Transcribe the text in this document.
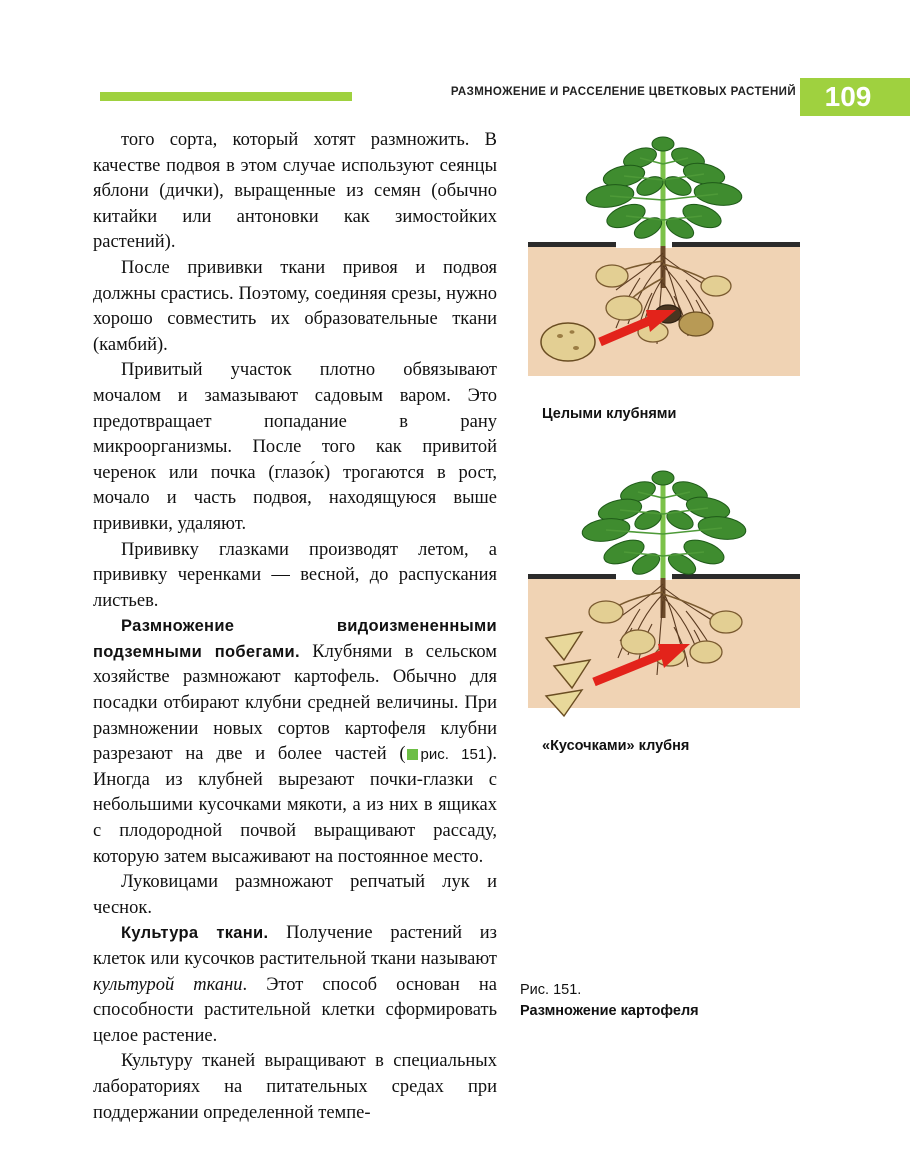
РАЗМНОЖЕНИЕ И РАССЕЛЕНИЕ ЦВЕТКОВЫХ РАСТЕНИЙ	109

того сорта, который хотят размножить. В качестве подвоя в этом случае используют сеянцы яблони (дички), выращенные из семян (обычно китайки или антоновки как зимостойких растений).

После прививки ткани привоя и подвоя должны срастись. Поэтому, соединяя срезы, нужно хорошо совместить их образовательные ткани (камбий).

Привитый участок плотно обвязывают мочалом и замазывают садовым варом. Это предотвращает попадание в рану микроорганизмы. После того как привитой черенок или почка (глазо́к) трогаются в рост, мочало и часть подвоя, находящуюся выше прививки, удаляют.

Прививку глазками производят летом, а прививку черенками — весной, до распускания листьев.

Размножение видоизмененными подземными побегами. Клубнями в сельском хозяйстве размножают картофель. Обычно для посадки отбирают клубни средней величины. При размножении новых сортов картофеля клубни разрезают на две и более частей ( рис. 151). Иногда из клубней вырезают почки-глазки с небольшими кусочками мякоти, а из них в ящиках с плодородной почвой выращивают рассаду, которую затем высаживают на постоянное место.

Луковицами размножают репчатый лук и чеснок.

Культура ткани. Получение растений из клеток или кусочков растительной ткани называют культурой ткани. Этот способ основан на способности растительной клетки сформировать целое растение.

Культуру тканей выращивают в специальных лабораториях на питательных средах при поддержании определенной темпе-

Целыми клубнями
«Кусочками» клубня
Рис. 151.
Размножение картофеля
